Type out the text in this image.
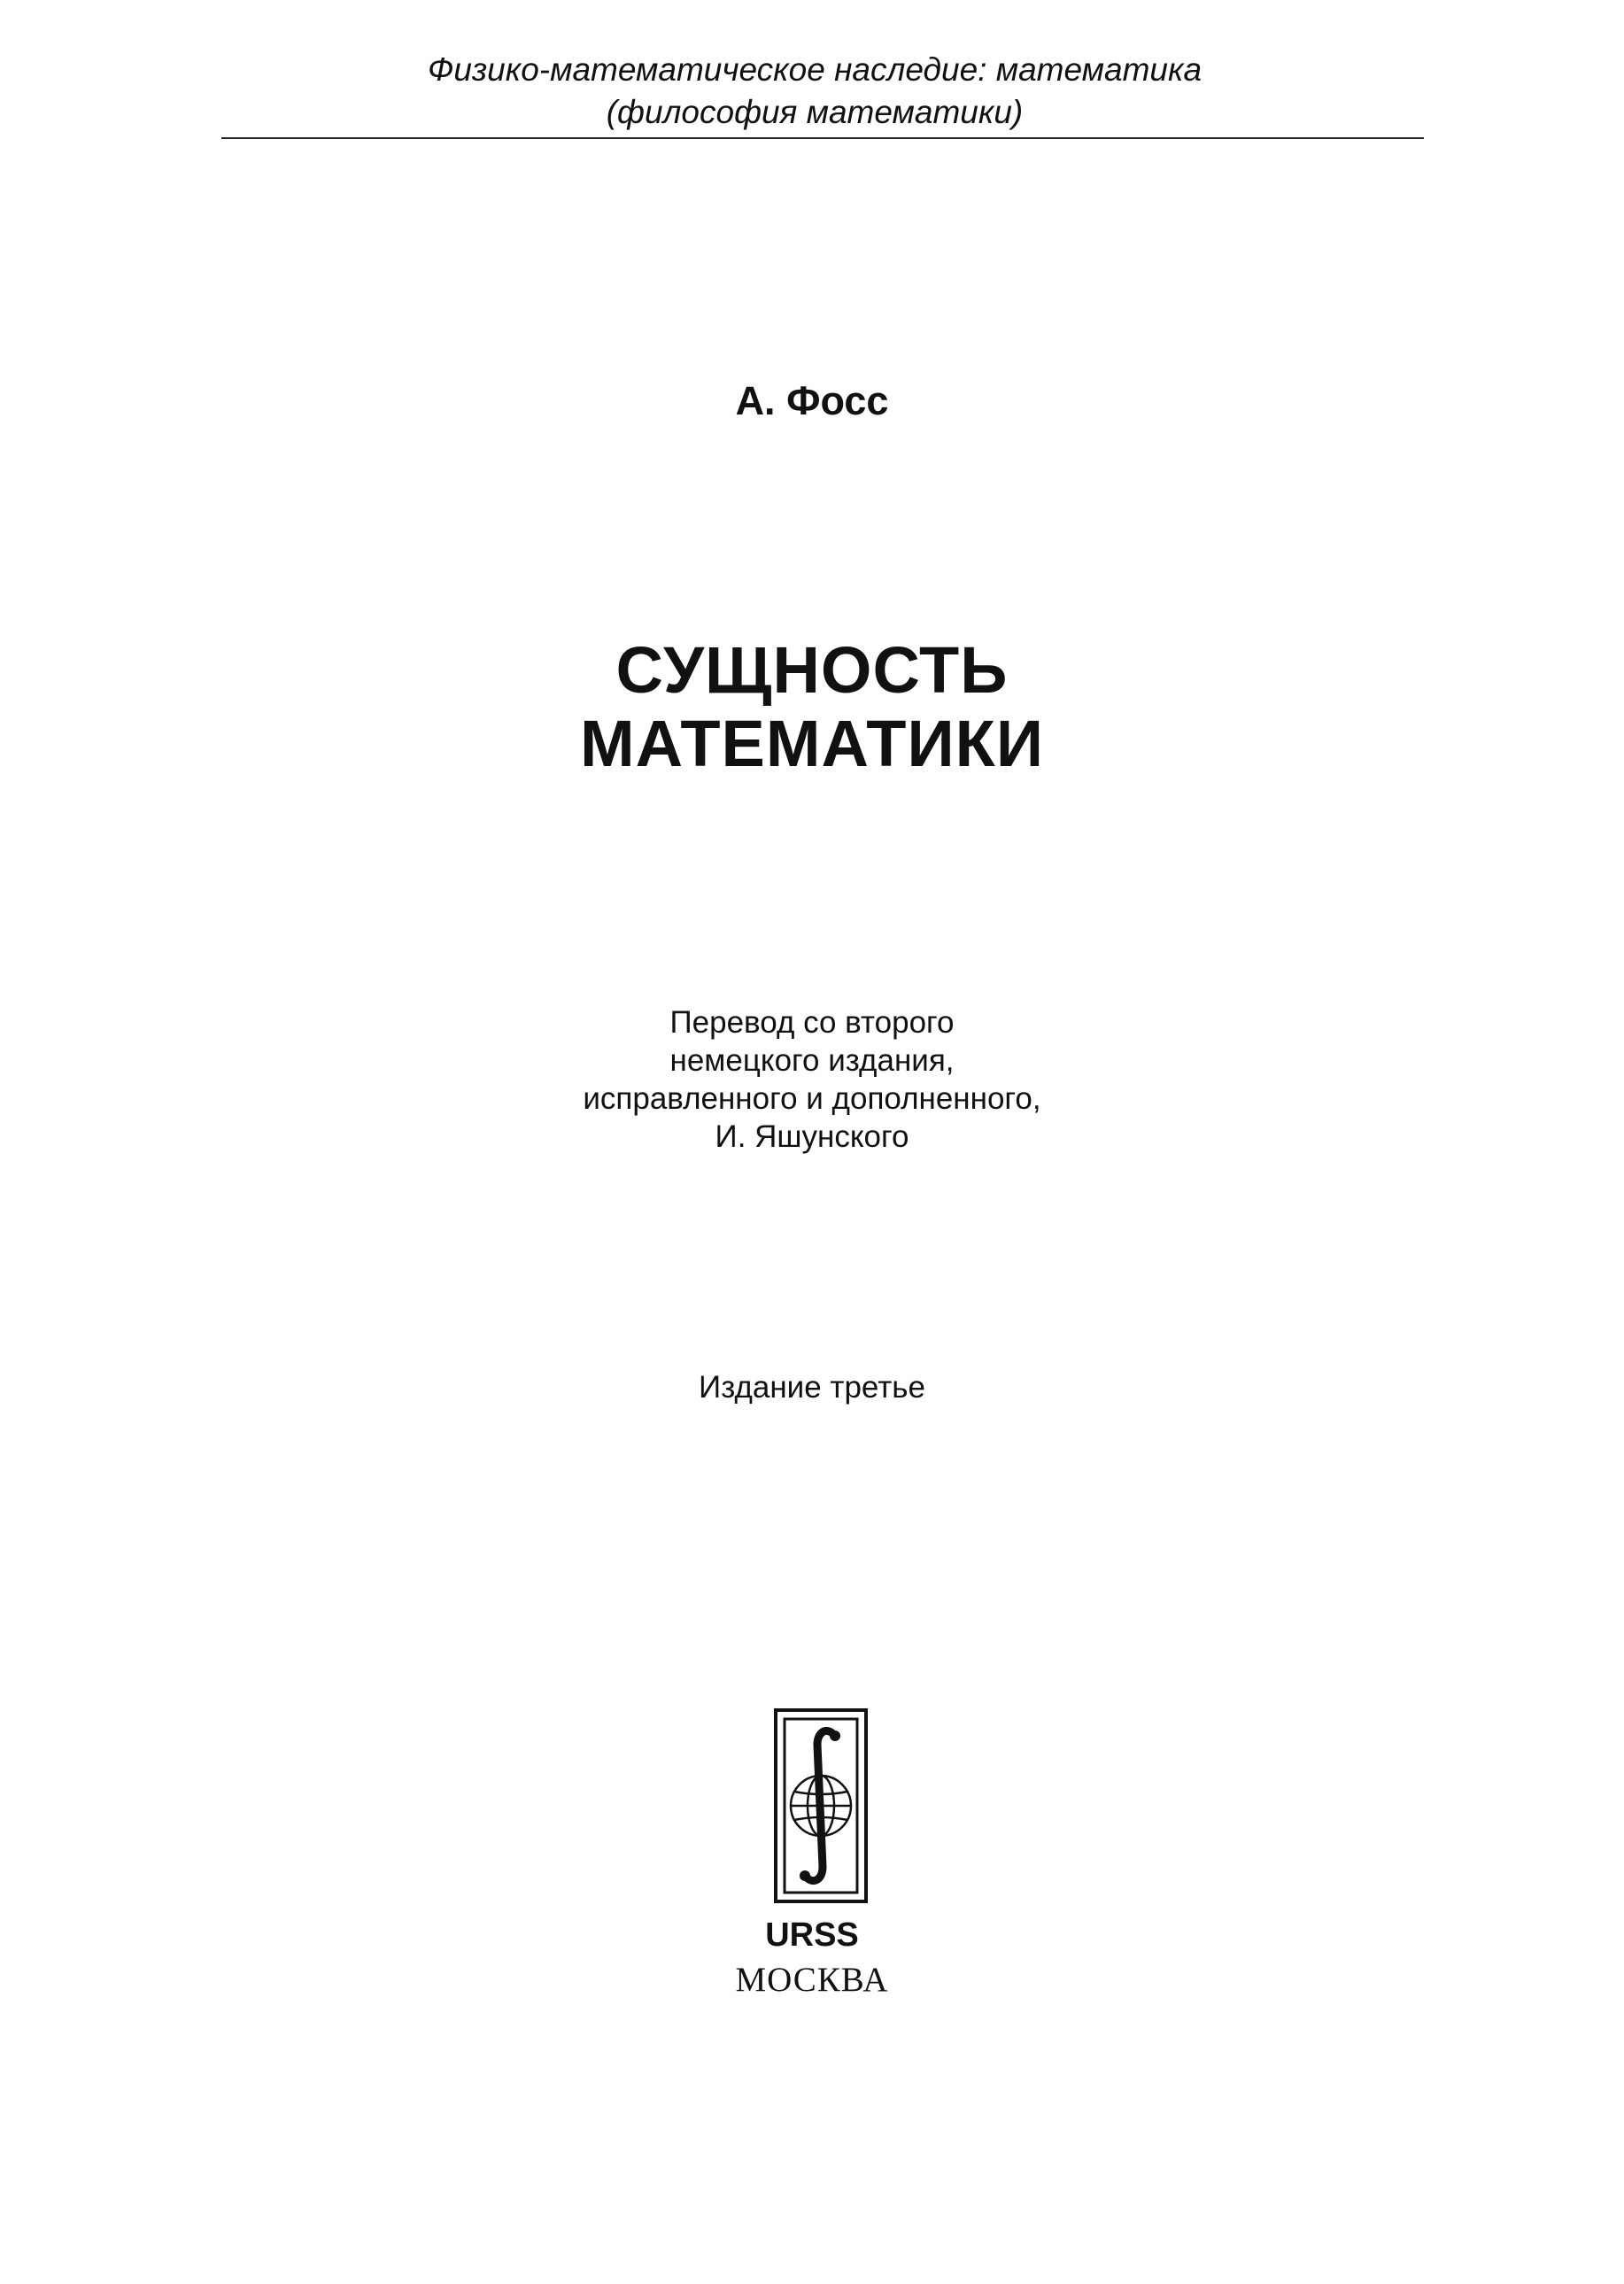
Физико-математическое наследие: математика
(философия математики)
А. Фосс
СУЩНОСТЬ
МАТЕМАТИКИ
Перевод со второго
немецкого издания,
исправленного и дополненного,
И. Яшунского
Издание третье
URSS
МОСКВА
